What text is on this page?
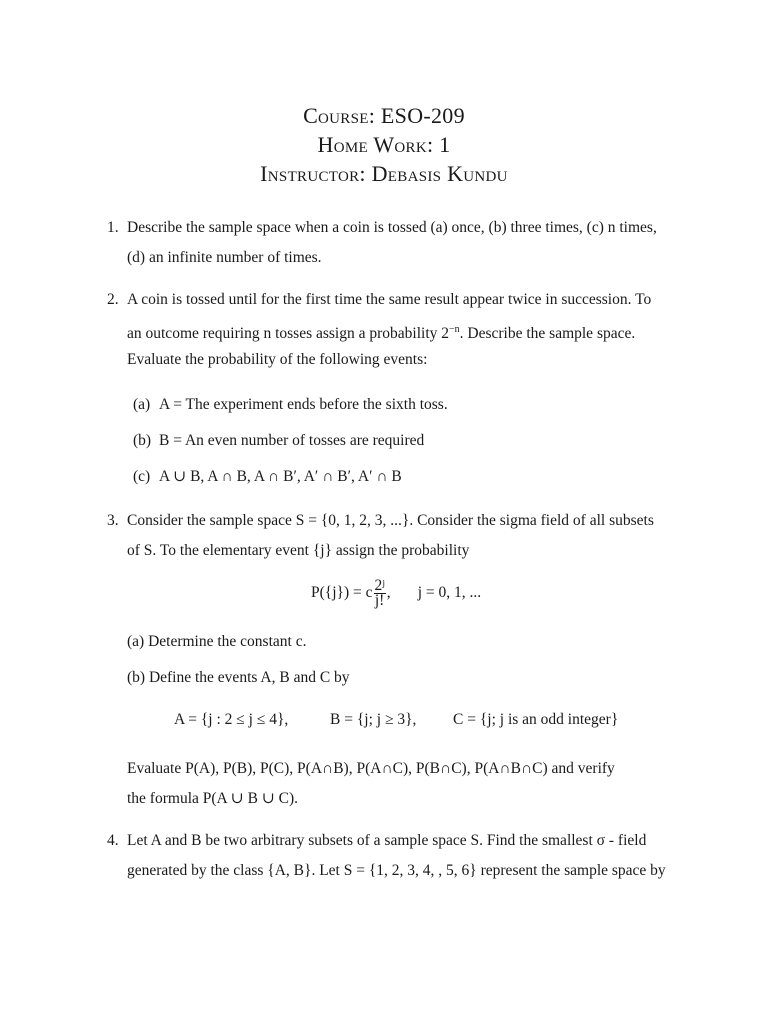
Course: ESO-209
Home Work: 1
Instructor: Debasis Kundu
1. Describe the sample space when a coin is tossed (a) once, (b) three times, (c) n times,
(d) an infinite number of times.
2. A coin is tossed until for the first time the same result appear twice in succession. To
an outcome requiring n tosses assign a probability $2^{-n}$. Describe the sample space.
Evaluate the probability of the following events:
(a) A = The experiment ends before the sixth toss.
(b) B = An even number of tosses are required
(c) A ∪ B, A ∩ B, A ∩ B′, A′ ∩ B′, A′ ∩ B
3. Consider the sample space S = {0, 1, 2, 3, ...}. Consider the sigma field of all subsets
of S. To the elementary event {j} assign the probability
P({j}) = c $\frac{\text{2ʲ}}{j!}$ ,       j = 0, 1, ...
(a) Determine the constant c.
(b) Define the events A, B and C by
A = {j : 2 ≤ j ≤ 4},	B = {j; j ≥ 3}, C = {j; j is an odd integer}
Evaluate P(A), P(B), P(C), P(A∩B), P(A∩C), P(B∩C), P(A∩B∩C) and verify
the formula P(A ∪ B ∪ C).
4. Let A and B be two arbitrary subsets of a sample space S. Find the smallest σ - field
generated by the class {A, B}. Let S = {1, 2, 3, 4, , 5, 6} represent the sample space by
